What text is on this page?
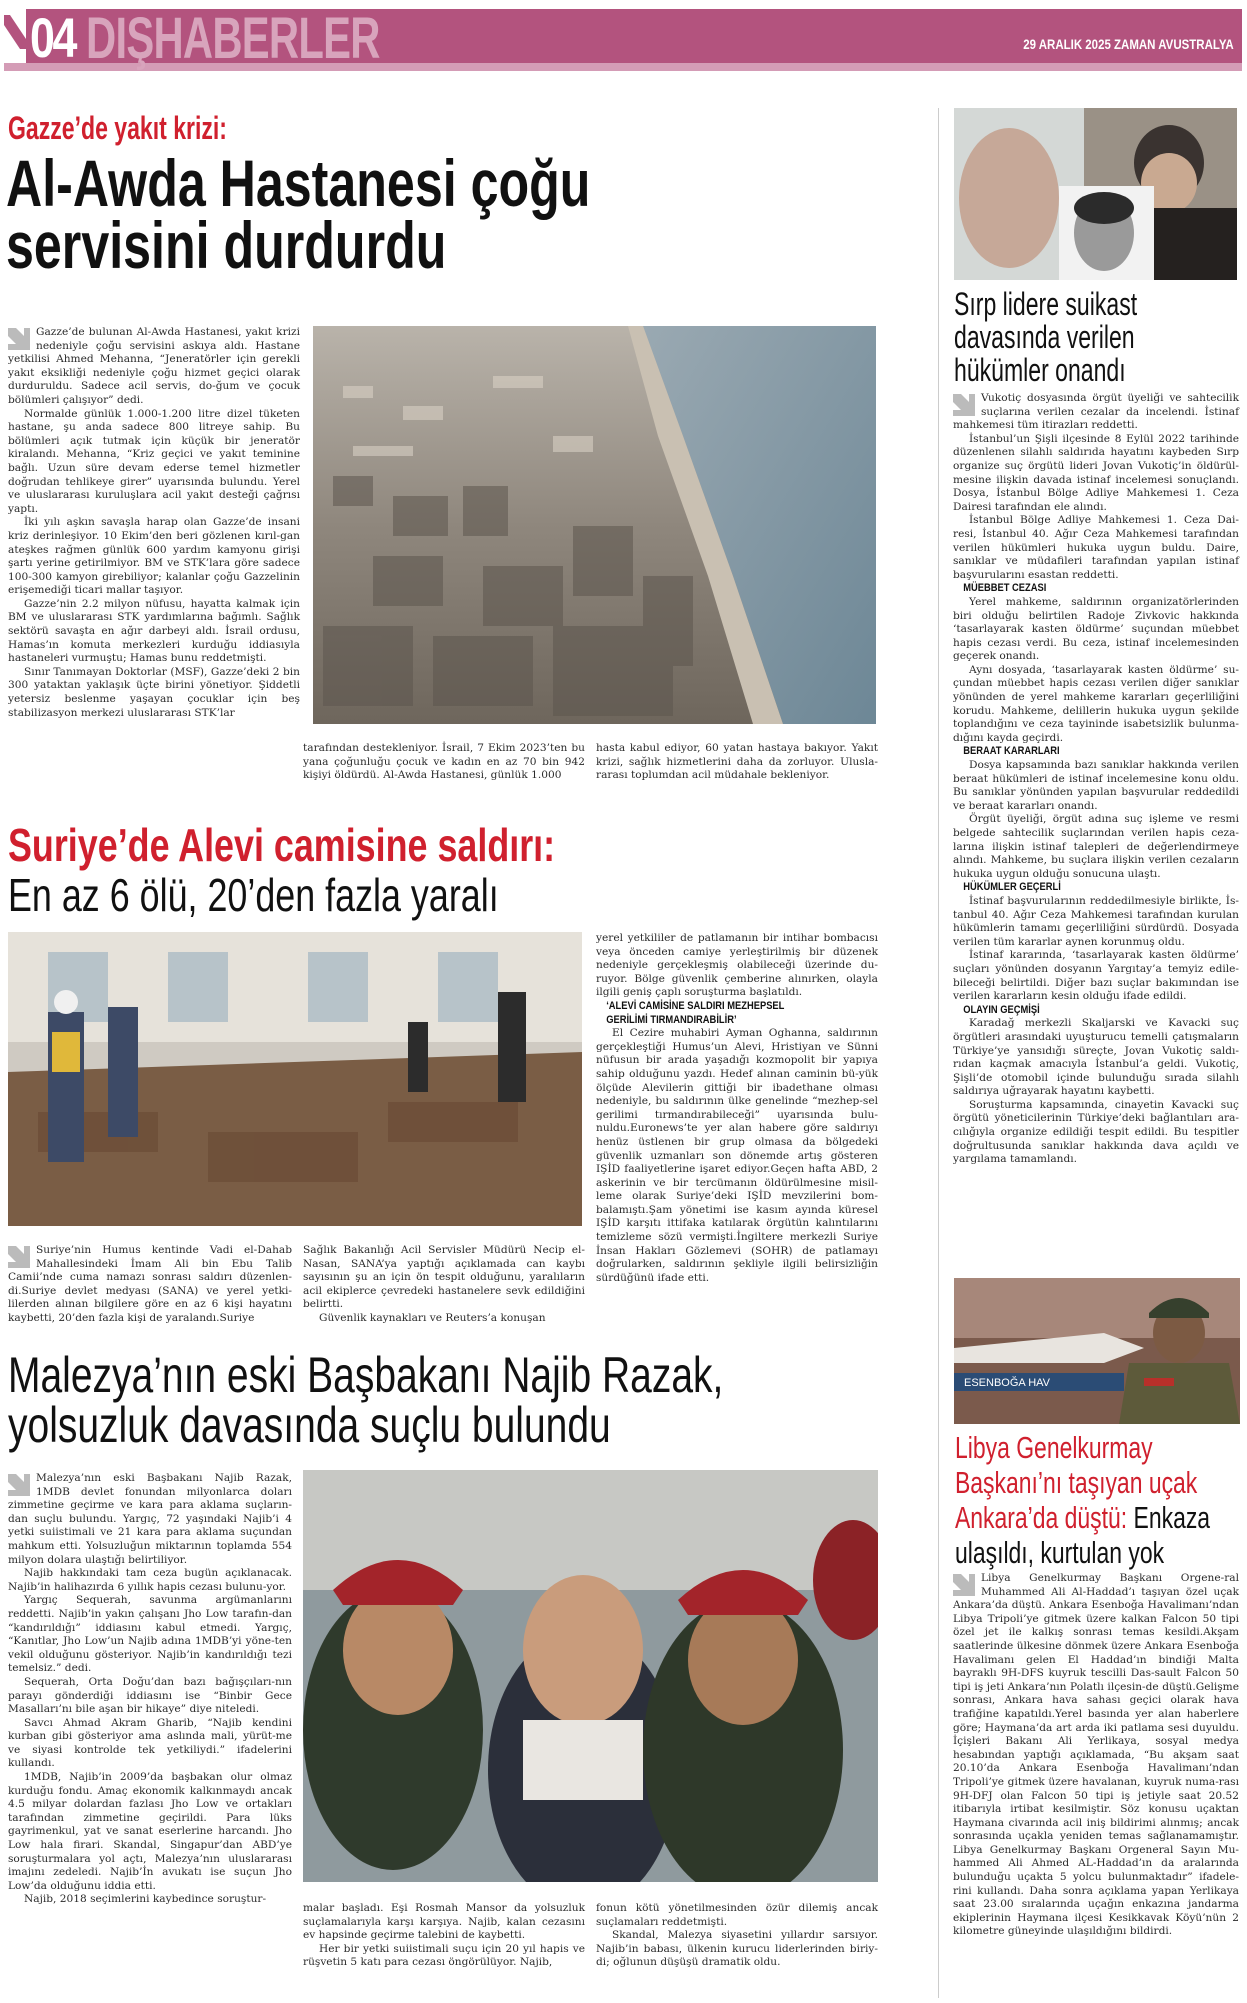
04 DIŞHABERLER	29 ARALIK 2025 ZAMAN AVUSTRALYA
Gazze’de yakıt krizi:
Al-Awda Hastanesi çoğu
servisini durdurdu

Gazze’de bulunan Al-Awda Hastanesi, yakıt krizi nedeniyle çoğu servisini askıya aldı. Hastane yetkilisi Ahmed Mehanna, “Jeneratörler için gerekli yakıt eksikliği nedeniyle çoğu hizmet geçici olarak durduruldu. Sadece acil servis, do-ğum ve çocuk bölümleri çalışıyor” dedi.

Normalde günlük 1.000-1.200 litre dizel tüketen hastane, şu anda sadece 800 litreye sahip. Bu bölümleri açık tutmak için küçük bir jeneratör kiralandı. Mehanna, “Kriz geçici ve yakıt teminine bağlı. Uzun süre devam ederse temel hizmetler doğrudan tehlikeye girer” uyarısında bulundu. Yerel ve uluslararası kuruluşlara acil yakıt desteği çağrısı yaptı.

İki yılı aşkın savaşla harap olan Gazze’de insani kriz derinleşiyor. 10 Ekim’den beri gözlenen kırıl-gan ateşkes rağmen günlük 600 yardım kamyonu girişi şartı yerine getirilmiyor. BM ve STK’lara göre sadece 100-300 kamyon girebiliyor; kalanlar çoğu Gazzelinin erişemediği ticari mallar taşıyor.

Gazze’nin 2.2 milyon nüfusu, hayatta kalmak için BM ve uluslararası STK yardımlarına bağımlı. Sağlık sektörü savaşta en ağır darbeyi aldı. İsrail ordusu, Hamas’ın komuta merkezleri kurduğu iddiasıyla hastaneleri vurmuştu; Hamas bunu reddetmişti.

Sınır Tanımayan Doktorlar (MSF), Gazze’deki 2 bin 300 yataktan yaklaşık üçte birini yönetiyor. Şiddetli yetersiz beslenme yaşayan çocuklar için beş stabilizasyon merkezi uluslararası STK’lar

tarafından destekleniyor. İsrail, 7 Ekim 2023’ten bu yana çoğunluğu çocuk ve kadın en az 70 bin 942 kişiyi öldürdü. Al-Awda Hastanesi, günlük 1.000

hasta kabul ediyor, 60 yatan hastaya bakıyor. Yakıt krizi, sağlık hizmetlerini daha da zorluyor. Ulusla-rarası toplumdan acil müdahale bekleniyor.

Suriye’de Alevi camisine saldırı:
En az 6 ölü, 20’den fazla yaralı

Suriye’nin Humus kentinde Vadi el-Dahab Mahallesindeki İmam Ali bin Ebu Talib Camii’nde cuma namazı sonrası saldırı düzenlen-di.Suriye devlet medyası (SANA) ve yerel yetki-lilerden alınan bilgilere göre en az 6 kişi hayatını kaybetti, 20’den fazla kişi de yaralandı.Suriye

Sağlık Bakanlığı Acil Servisler Müdürü Necip el-Nasan, SANA’ya yaptığı açıklamada can kaybı sayısının şu an için ön tespit olduğunu, yaralıların acil ekiplerce çevredeki hastanelere sevk edildiğini belirtti.

Güvenlik kaynakları ve Reuters’a konuşan

yerel yetkililer de patlamanın bir intihar bombacısı veya önceden camiye yerleştirilmiş bir düzenek nedeniyle gerçekleşmiş olabileceği üzerinde du-ruyor. Bölge güvenlik çemberine alınırken, olayla ilgili geniş çaplı soruşturma başlatıldı.

‘ALEVİ CAMİSİNE SALDIRI MEZHEPSEL
GERİLİMİ TIRMANDIRABİLİR’

El Cezire muhabiri Ayman Oghanna, saldırının gerçekleştiği Humus’un Alevi, Hristiyan ve Sünni nüfusun bir arada yaşadığı kozmopolit bir yapıya sahip olduğunu yazdı. Hedef alınan caminin bü-yük ölçüde Alevilerin gittiği bir ibadethane olması nedeniyle, bu saldırının ülke genelinde “mezhep-sel gerilimi tırmandırabileceği” uyarısında bulu-nuldu.Euronews’te yer alan habere göre saldırıyı henüz üstlenen bir grup olmasa da bölgedeki güvenlik uzmanları son dönemde artış gösteren IŞİD faaliyetlerine işaret ediyor.Geçen hafta ABD, 2 askerinin ve bir tercümanın öldürülmesine misil-leme olarak Suriye’deki IŞİD mevzilerini bom-balamıştı.Şam yönetimi ise kasım ayında küresel IŞİD karşıtı ittifaka katılarak örgütün kalıntılarını temizleme sözü vermişti.İngiltere merkezli Suriye İnsan Hakları Gözlemevi (SOHR) de patlamayı doğrularken, saldırının şekliyle ilgili belirsizliğin sürdüğünü ifade etti.

Malezya’nın eski Başbakanı Najib Razak,
yolsuzluk davasında suçlu bulundu

Malezya’nın eski Başbakanı Najib Razak, 1MDB devlet fonundan milyonlarca doları zimmetine geçirme ve kara para aklama suçların-dan suçlu bulundu. Yargıç, 72 yaşındaki Najib’i 4 yetki suiistimali ve 21 kara para aklama suçundan mahkum etti. Yolsuzluğun miktarının toplamda 554 milyon dolara ulaştığı belirtiliyor.

Najib hakkındaki tam ceza bugün açıklanacak. Najib’in halihazırda 6 yıllık hapis cezası bulunu-yor.

Yargıç Sequerah, savunma argümanlarını reddetti. Najib’in yakın çalışanı Jho Low tarafın-dan “kandırıldığı” iddiasını kabul etmedi. Yargıç, “Kanıtlar, Jho Low’un Najib adına 1MDB’yi yöne-ten vekil olduğunu gösteriyor. Najib’in kandırıldığı tezi temelsiz.” dedi.

Sequerah, Orta Doğu’dan bazı bağışçıları-nın parayı gönderdiği iddiasını ise “Binbir Gece Masalları’nı bile aşan bir hikaye” diye niteledi.

Savcı Ahmad Akram Gharib, “Najib kendini kurban gibi gösteriyor ama aslında mali, yürüt-me ve siyasi kontrolde tek yetkiliydi.” ifadelerini kullandı.

1MDB, Najib’in 2009’da başbakan olur olmaz kurduğu fondu. Amaç ekonomik kalkınmaydı ancak 4.5 milyar dolardan fazlası Jho Low ve ortakları tarafından zimmetine geçirildi. Para lüks gayrimenkul, yat ve sanat eserlerine harcandı. Jho Low hala firari. Skandal, Singapur’dan ABD’ye soruşturmalara yol açtı, Malezya’nın uluslararası imajını zedeledi. Najib’İn avukatı ise suçun Jho Low’da olduğunu iddia etti.

Najib, 2018 seçimlerini kaybedince soruştur-

malar başladı. Eşi Rosmah Mansor da yolsuzluk suçlamalarıyla karşı karşıya. Najib, kalan cezasını ev hapsinde geçirme talebini de kaybetti.

Her bir yetki suiistimali suçu için 20 yıl hapis ve rüşvetin 5 katı para cezası öngörülüyor. Najib,

fonun kötü yönetilmesinden özür dilemiş ancak suçlamaları reddetmişti.

Skandal, Malezya siyasetini yıllardır sarsıyor. Najib’in babası, ülkenin kurucu liderlerinden biriy-di; oğlunun düşüşü dramatik oldu.

Sırp lidere suikast
davasında verilen
hükümler onandı

Vukotiç dosyasında örgüt üyeliği ve sahtecilik suçlarına verilen cezalar da incelendi. İstinaf mahkemesi tüm itirazları reddetti.

İstanbul’un Şişli ilçesinde 8 Eylül 2022 tarihinde düzenlenen silahlı saldırıda hayatını kaybeden Sırp organize suç örgütü lideri Jovan Vukotiç’in öldürül-mesine ilişkin davada istinaf incelemesi sonuçlandı. Dosya, İstanbul Bölge Adliye Mahkemesi 1. Ceza Dairesi tarafından ele alındı.

İstanbul Bölge Adliye Mahkemesi 1. Ceza Dai-resi, İstanbul 40. Ağır Ceza Mahkemesi tarafından verilen hükümleri hukuka uygun buldu. Daire, sanıklar ve müdafileri tarafından yapılan istinaf başvurularını esastan reddetti.

MÜEBBET CEZASI

Yerel mahkeme, saldırının organizatörlerinden biri olduğu belirtilen Radoje Zivkovic hakkında ‘tasarlayarak kasten öldürme’ suçundan müebbet hapis cezası verdi. Bu ceza, istinaf incelemesinden geçerek onandı.

Aynı dosyada, ‘tasarlayarak kasten öldürme’ su-çundan müebbet hapis cezası verilen diğer sanıklar yönünden de yerel mahkeme kararları geçerliliğini korudu. Mahkeme, delillerin hukuka uygun şekilde toplandığını ve ceza tayininde isabetsizlik bulunma-dığını kayda geçirdi.

BERAAT KARARLARI

Dosya kapsamında bazı sanıklar hakkında verilen beraat hükümleri de istinaf incelemesine konu oldu. Bu sanıklar yönünden yapılan başvurular reddedildi ve beraat kararları onandı.

Örgüt üyeliği, örgüt adına suç işleme ve resmi belgede sahtecilik suçlarından verilen hapis ceza-larına ilişkin istinaf talepleri de değerlendirmeye alındı. Mahkeme, bu suçlara ilişkin verilen cezaların hukuka uygun olduğu sonucuna ulaştı.

HÜKÜMLER GEÇERLİ

İstinaf başvurularının reddedilmesiyle birlikte, İs-tanbul 40. Ağır Ceza Mahkemesi tarafından kurulan hükümlerin tamamı geçerliliğini sürdürdü. Dosyada verilen tüm kararlar aynen korunmuş oldu.

İstinaf kararında, ‘tasarlayarak kasten öldürme’ suçları yönünden dosyanın Yargıtay’a temyiz edile-bileceği belirtildi. Diğer bazı suçlar bakımından ise verilen kararların kesin olduğu ifade edildi.

OLAYIN GEÇMİŞİ

Karadağ merkezli Skaljarski ve Kavacki suç örgütleri arasındaki uyuşturucu temelli çatışmaların Türkiye’ye yansıdığı süreçte, Jovan Vukotiç saldı-rıdan kaçmak amacıyla İstanbul’a geldi. Vukotiç, Şişli’de otomobil içinde bulunduğu sırada silahlı saldırıya uğrayarak hayatını kaybetti.

Soruşturma kapsamında, cinayetin Kavacki suç örgütü yöneticilerinin Türkiye’deki bağlantıları ara-cılığıyla organize edildiği tespit edildi. Bu tespitler doğrultusunda sanıklar hakkında dava açıldı ve yargılama tamamlandı.

ESENBOĞA HAV
Libya Genelkurmay
Başkanı’nı taşıyan uçak
Ankara’da düştü: Enkaza
ulaşıldı, kurtulan yok

Libya Genelkurmay Başkanı Orgene-ral Muhammed Ali Al-Haddad’ı taşıyan özel uçak Ankara’da düştü. Ankara Esenboğa Havalimanı’ndan Libya Tripoli’ye gitmek üzere kalkan Falcon 50 tipi özel jet ile kalkış sonrası temas kesildi.Akşam saatlerinde ülkesine dönmek üzere Ankara Esenboğa Havalimanı gelen El Haddad’ın bindiği Malta bayraklı 9H-DFS kuyruk tescilli Das-sault Falcon 50 tipi iş jeti Ankara’nın Polatlı ilçesin-de düştü.Gelişme sonrası, Ankara hava sahası geçici olarak hava trafiğine kapatıldı.Yerel basında yer alan haberlere göre; Haymana’da art arda iki patlama sesi duyuldu. İçişleri Bakanı Ali Yerlikaya, sosyal medya hesabından yaptığı açıklamada, “Bu akşam saat 20.10’da Ankara Esenboğa Havalimanı’ndan Tripoli’ye gitmek üzere havalanan, kuyruk numa-rası 9H-DFJ olan Falcon 50 tipi iş jetiyle saat 20.52 itibarıyla irtibat kesilmiştir. Söz konusu uçaktan Haymana civarında acil iniş bildirimi alınmış; ancak sonrasında uçakla yeniden temas sağlanamamıştır. Libya Genelkurmay Başkanı Orgeneral Sayın Mu-hammed Ali Ahmed AL-Haddad’ın da aralarında bulunduğu uçakta 5 yolcu bulunmaktadır” ifadele-rini kullandı. Daha sonra açıklama yapan Yerlikaya saat 23.00 sıralarında uçağın enkazına jandarma ekiplerinin Haymana ilçesi Kesikkavak Köyü’nün 2 kilometre güneyinde ulaşıldığını bildirdi.
